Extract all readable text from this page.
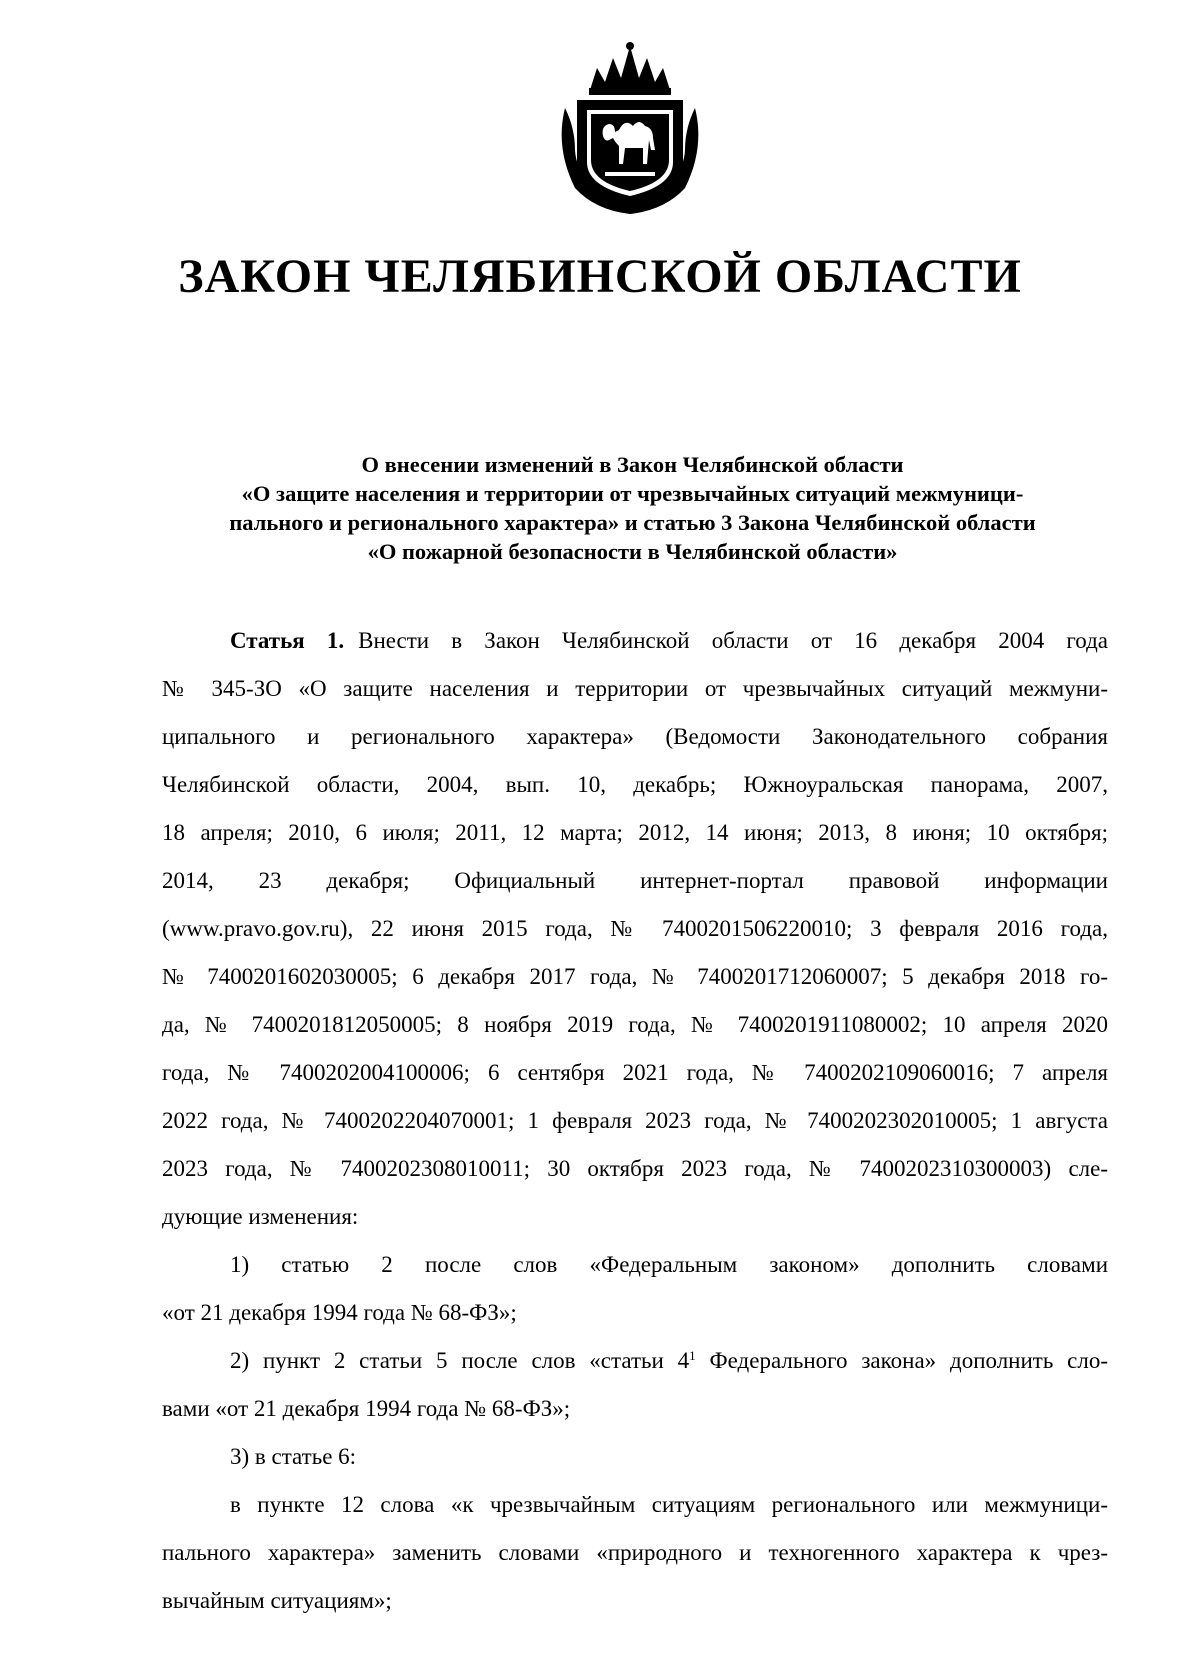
ЗАКОН ЧЕЛЯБИНСКОЙ ОБЛАСТИ
О внесении изменений в Закон Челябинской области
«О защите населения и территории от чрезвычайных ситуаций межмуници-
пального и регионального характера» и статью 3 Закона Челябинской области
«О пожарной безопасности в Челябинской области»
Статья 1. Внести в Закон Челябинской области от 16 декабря 2004 года
№ 345-ЗО «О защите населения и территории от чрезвычайных ситуаций межмуни-
ципального и регионального характера» (Ведомости Законодательного собрания
Челябинской области, 2004, вып. 10, декабрь; Южноуральская панорама, 2007,
18 апреля; 2010, 6 июля; 2011, 12 марта; 2012, 14 июня; 2013, 8 июня; 10 октября;
2014, 23 декабря; Официальный интернет-портал правовой информации
(www.pravo.gov.ru), 22 июня 2015 года, № 7400201506220010; 3 февраля 2016 года,
№ 7400201602030005; 6 декабря 2017 года, № 7400201712060007; 5 декабря 2018 го-
да, № 7400201812050005; 8 ноября 2019 года, № 7400201911080002; 10 апреля 2020
года, № 7400202004100006; 6 сентября 2021 года, № 7400202109060016; 7 апреля
2022 года, № 7400202204070001; 1 февраля 2023 года, № 7400202302010005; 1 августа
2023 года, № 7400202308010011; 30 октября 2023 года, № 7400202310300003) сле-
дующие изменения:
1) статью 2 после слов «Федеральным законом» дополнить словами
«от 21 декабря 1994 года № 68-ФЗ»;
2) пункт 2 статьи 5 после слов «статьи $4^1$ Федерального закона» дополнить сло-
вами «от 21 декабря 1994 года № 68-ФЗ»;
3) в статье 6:
в пункте 12 слова «к чрезвычайным ситуациям регионального или межмуници-
пального характера» заменить словами «природного и техногенного характера к чрез-
вычайным ситуациям»;
